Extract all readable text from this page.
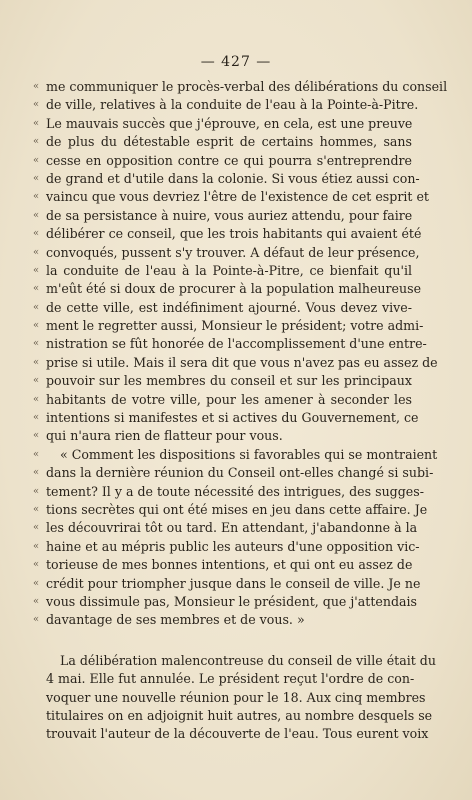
— 427 —
« me communiquer le procès-verbal des délibérations du conseil
« de ville, relatives à la conduite de l'eau à la Pointe-à-Pitre.
« Le mauvais succès que j'éprouve, en cela, est une preuve
« de plus du détestable esprit de certains hommes, sans
« cesse en opposition contre ce qui pourra s'entreprendre
« de grand et d'utile dans la colonie. Si vous étiez aussi con-
« vaincu que vous devriez l'être de l'existence de cet esprit et
« de sa persistance à nuire, vous auriez attendu, pour faire
« délibérer ce conseil, que les trois habitants qui avaient été
« convoqués, pussent s'y trouver. A défaut de leur présence,
« la conduite de l'eau à la Pointe-à-Pitre, ce bienfait qu'il
« m'eût été si doux de procurer à la population malheureuse
« de cette ville, est indéfiniment ajourné. Vous devez vive-
« ment le regretter aussi, Monsieur le président; votre admi-
« nistration se fût honorée de l'accomplissement d'une entre-
« prise si utile. Mais il sera dit que vous n'avez pas eu assez de
« pouvoir sur les membres du conseil et sur les principaux
« habitants de votre ville, pour les amener à seconder les
« intentions si manifestes et si actives du Gouvernement, ce
« qui n'aura rien de flatteur pour vous.
« « Comment les dispositions si favorables qui se montraient
« dans la dernière réunion du Conseil ont-elles changé si subi-
« tement? Il y a de toute nécessité des intrigues, des sugges-
« tions secrètes qui ont été mises en jeu dans cette affaire. Je
« les découvrirai tôt ou tard. En attendant, j'abandonne à la
« haine et au mépris public les auteurs d'une opposition vic-
« torieuse de mes bonnes intentions, et qui ont eu assez de
« crédit pour triompher jusque dans le conseil de ville. Je ne
« vous dissimule pas, Monsieur le président, que j'attendais
« davantage de ses membres et de vous. »
La délibération malencontreuse du conseil de ville était du
4 mai. Elle fut annulée. Le président reçut l'ordre de con-
voquer une nouvelle réunion pour le 18. Aux cinq membres
titulaires on en adjoignit huit autres, au nombre desquels se
trouvait l'auteur de la découverte de l'eau. Tous eurent voix
